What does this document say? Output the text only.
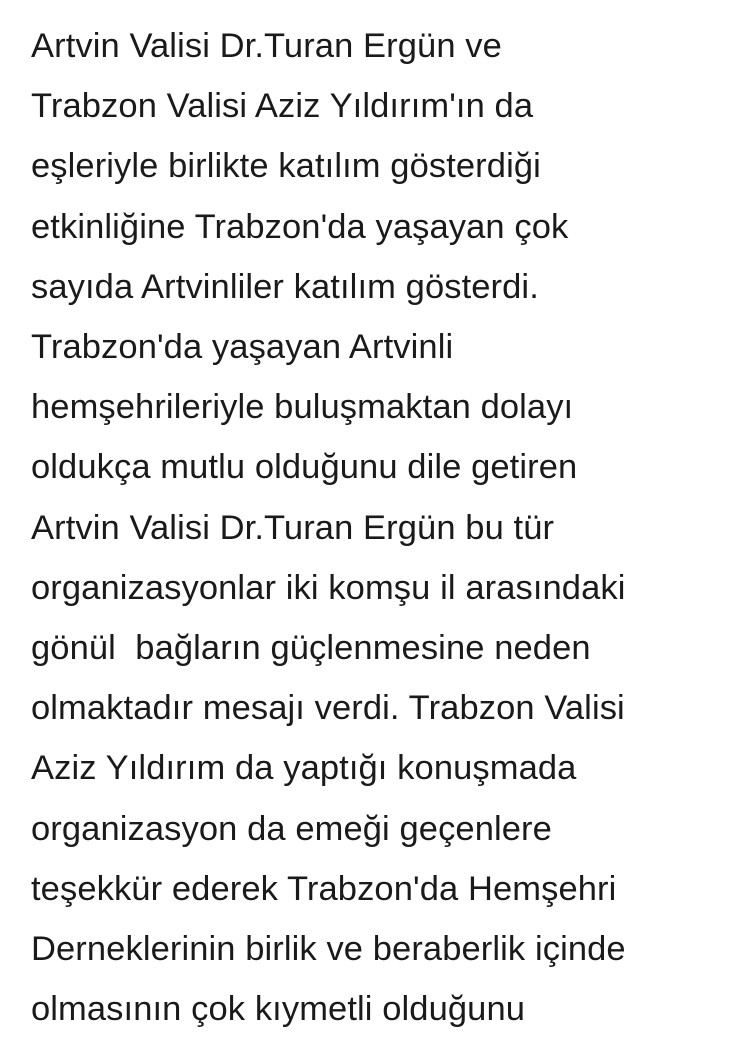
Artvin Valisi Dr.Turan Ergün ve
Trabzon Valisi Aziz Yıldırım'ın da
eşleriyle birlikte katılım gösterdiği
etkinliğine Trabzon'da yaşayan çok
sayıda Artvinliler katılım gösterdi.
Trabzon'da yaşayan Artvinli
hemşehrileriyle buluşmaktan dolayı
oldukça mutlu olduğunu dile getiren
Artvin Valisi Dr.Turan Ergün bu tür
organizasyonlar iki komşu il arasındaki
gönül  bağların güçlenmesine neden
olmaktadır mesajı verdi. Trabzon Valisi
Aziz Yıldırım da yaptığı konuşmada
organizasyon da emeği geçenlere
teşekkür ederek Trabzon'da Hemşehri
Derneklerinin birlik ve beraberlik içinde
olmasının çok kıymetli olduğunu
